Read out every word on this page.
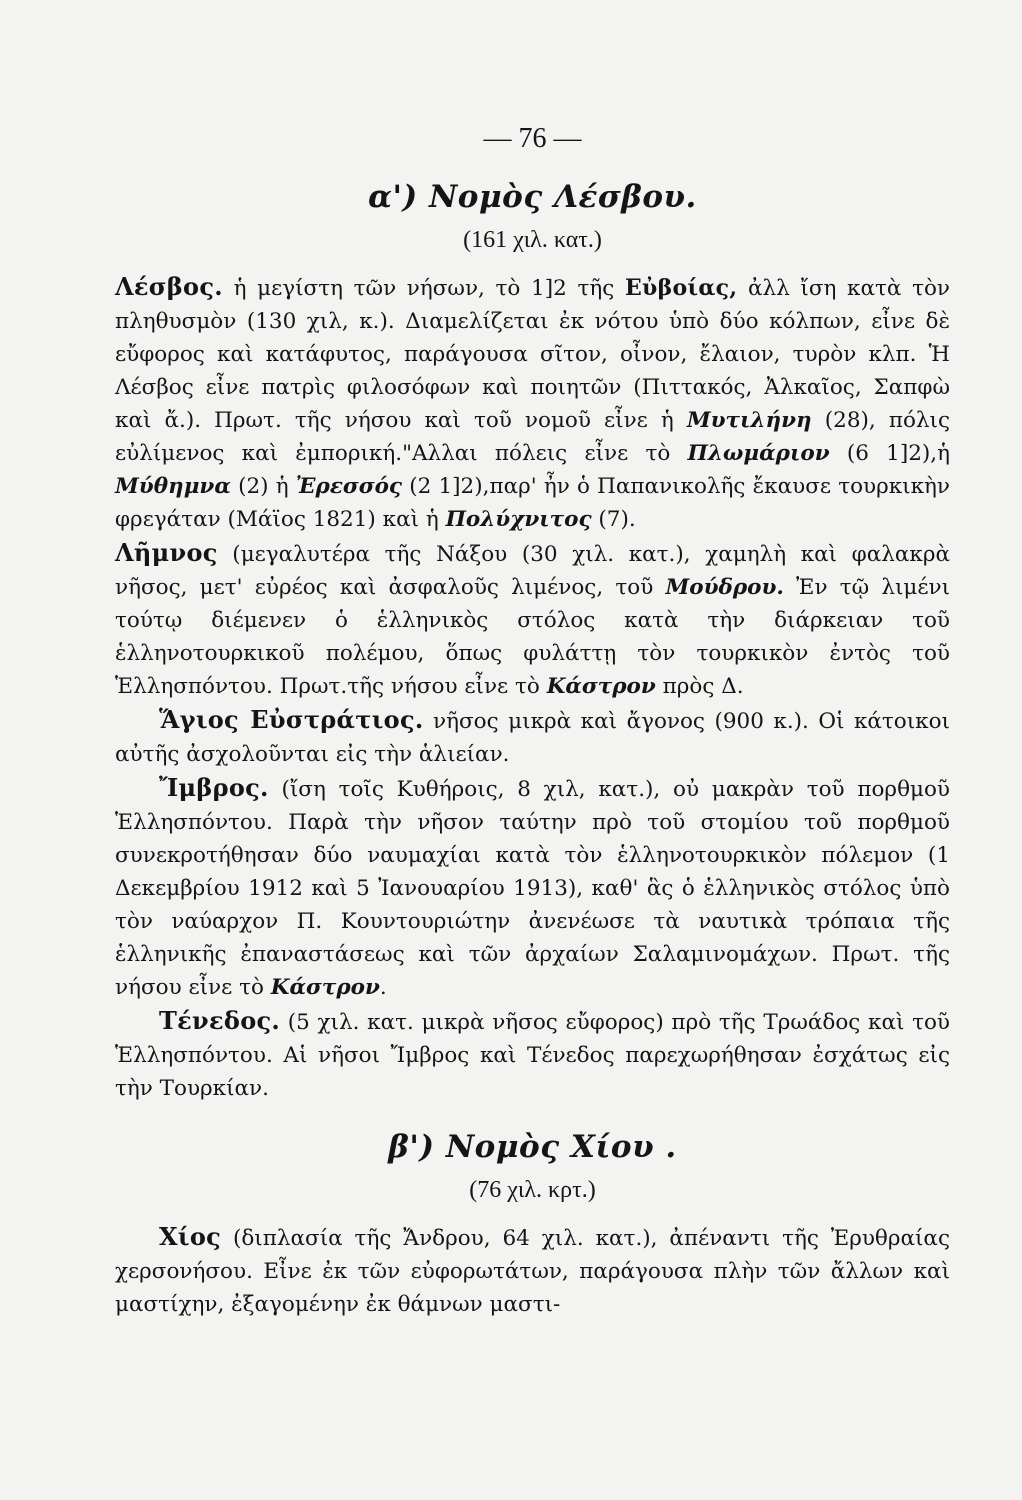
— 76 —
α') Νομὸς Λέσβου.
(161 χιλ. κατ.)

Λέσβος. ἡ μεγίστη τῶν νήσων, τὸ 1]2 τῆς Εὐβοίας, ἀλλ ἴση κατὰ τὸν πληθυσμὸν (130 χιλ, κ.). Διαμελίζεται ἐκ νότου ὑπὸ δύο κόλπων, εἶνε δὲ εὔφορος καὶ κατάφυτος, παράγουσα σῖτον, οἶνον, ἔλαιον, τυρὸν κλπ. Ἡ Λέσβος εἶνε πατρὶς φιλοσόφων καὶ ποιητῶν (Πιττακός, Ἀλκαῖος, Σαπφὼ καὶ ἄ.). Πρωτ. τῆς νήσου καὶ τοῦ νομοῦ εἶνε ἡ Μυτιλήνη (28), πόλις εὐλίμενος καὶ ἐμπορική."Αλλαι πόλεις εἶνε τὸ Πλωμάριον (6 1]2),ἡ Μύθημνα (2) ἡ Ἐρεσσός (2 1]2),παρ' ἦν ὁ Παπανικολῆς ἔκαυσε τουρκικὴν φρεγάταν (Μάϊος 1821) καὶ ἡ Πολύχνιτος (7).

Λῆμνος (μεγαλυτέρα τῆς Νάξου (30 χιλ. κατ.), χαμηλὴ καὶ φαλακρὰ νῆσος, μετ' εὐρέος καὶ ἀσφαλοῦς λιμένος, τοῦ Μούδρου. Ἐν τῷ λιμένι τούτῳ διέμενεν ὁ ἑλληνικὸς στόλος κατὰ τὴν διάρκειαν τοῦ ἑλληνοτουρκικοῦ πολέμου, ὅπως φυλάττῃ τὸν τουρκικὸν ἐντὸς τοῦ Ἑλλησπόντου. Πρωτ.τῆς νήσου εἶνε τὸ Κάστρον πρὸς Δ.

Ἅγιος Εὐστράτιος. νῆσος μικρὰ καὶ ἄγονος (900 κ.). Οἱ κάτοικοι αὐτῆς ἀσχολοῦνται εἰς τὴν ἁλιείαν.

Ἴμβρος. (ἴση τοῖς Κυθήροις, 8 χιλ, κατ.), οὐ μακρὰν τοῦ πορθμοῦ Ἑλλησπόντου. Παρὰ τὴν νῆσον ταύτην πρὸ τοῦ στομίου τοῦ πορθμοῦ συνεκροτήθησαν δύο ναυμαχίαι κατὰ τὸν ἑλληνοτουρκικὸν πόλεμον (1 Δεκεμβρίου 1912 καὶ 5 Ἰανουαρίου 1913), καθ' ἃς ὁ ἑλληνικὸς στόλος ὑπὸ τὸν ναύαρχον Π. Κουντουριώτην ἀνενέωσε τὰ ναυτικὰ τρόπαια τῆς ἑλληνικῆς ἐπαναστάσεως καὶ τῶν ἀρχαίων Σαλαμινομάχων. Πρωτ. τῆς νήσου εἶνε τὸ Κάστρον.

Τένεδος. (5 χιλ. κατ. μικρὰ νῆσος εὔφορος) πρὸ τῆς Τρωάδος καὶ τοῦ Ἑλλησπόντου. Αἱ νῆσοι Ἴμβρος καὶ Τένεδος παρεχωρήθησαν ἐσχάτως εἰς τὴν Τουρκίαν.

β') Νομὸς Χίου .
(76 χιλ. κρτ.)

Χίος (διπλασία τῆς Ἄνδρου, 64 χιλ. κατ.), ἀπέναντι τῆς Ἐρυθραίας χερσονήσου. Εἶνε ἐκ τῶν εὐφορωτάτων, παράγουσα πλὴν τῶν ἄλλων καὶ μαστίχην, ἐξαγομένην ἐκ θάμνων μαστι-
